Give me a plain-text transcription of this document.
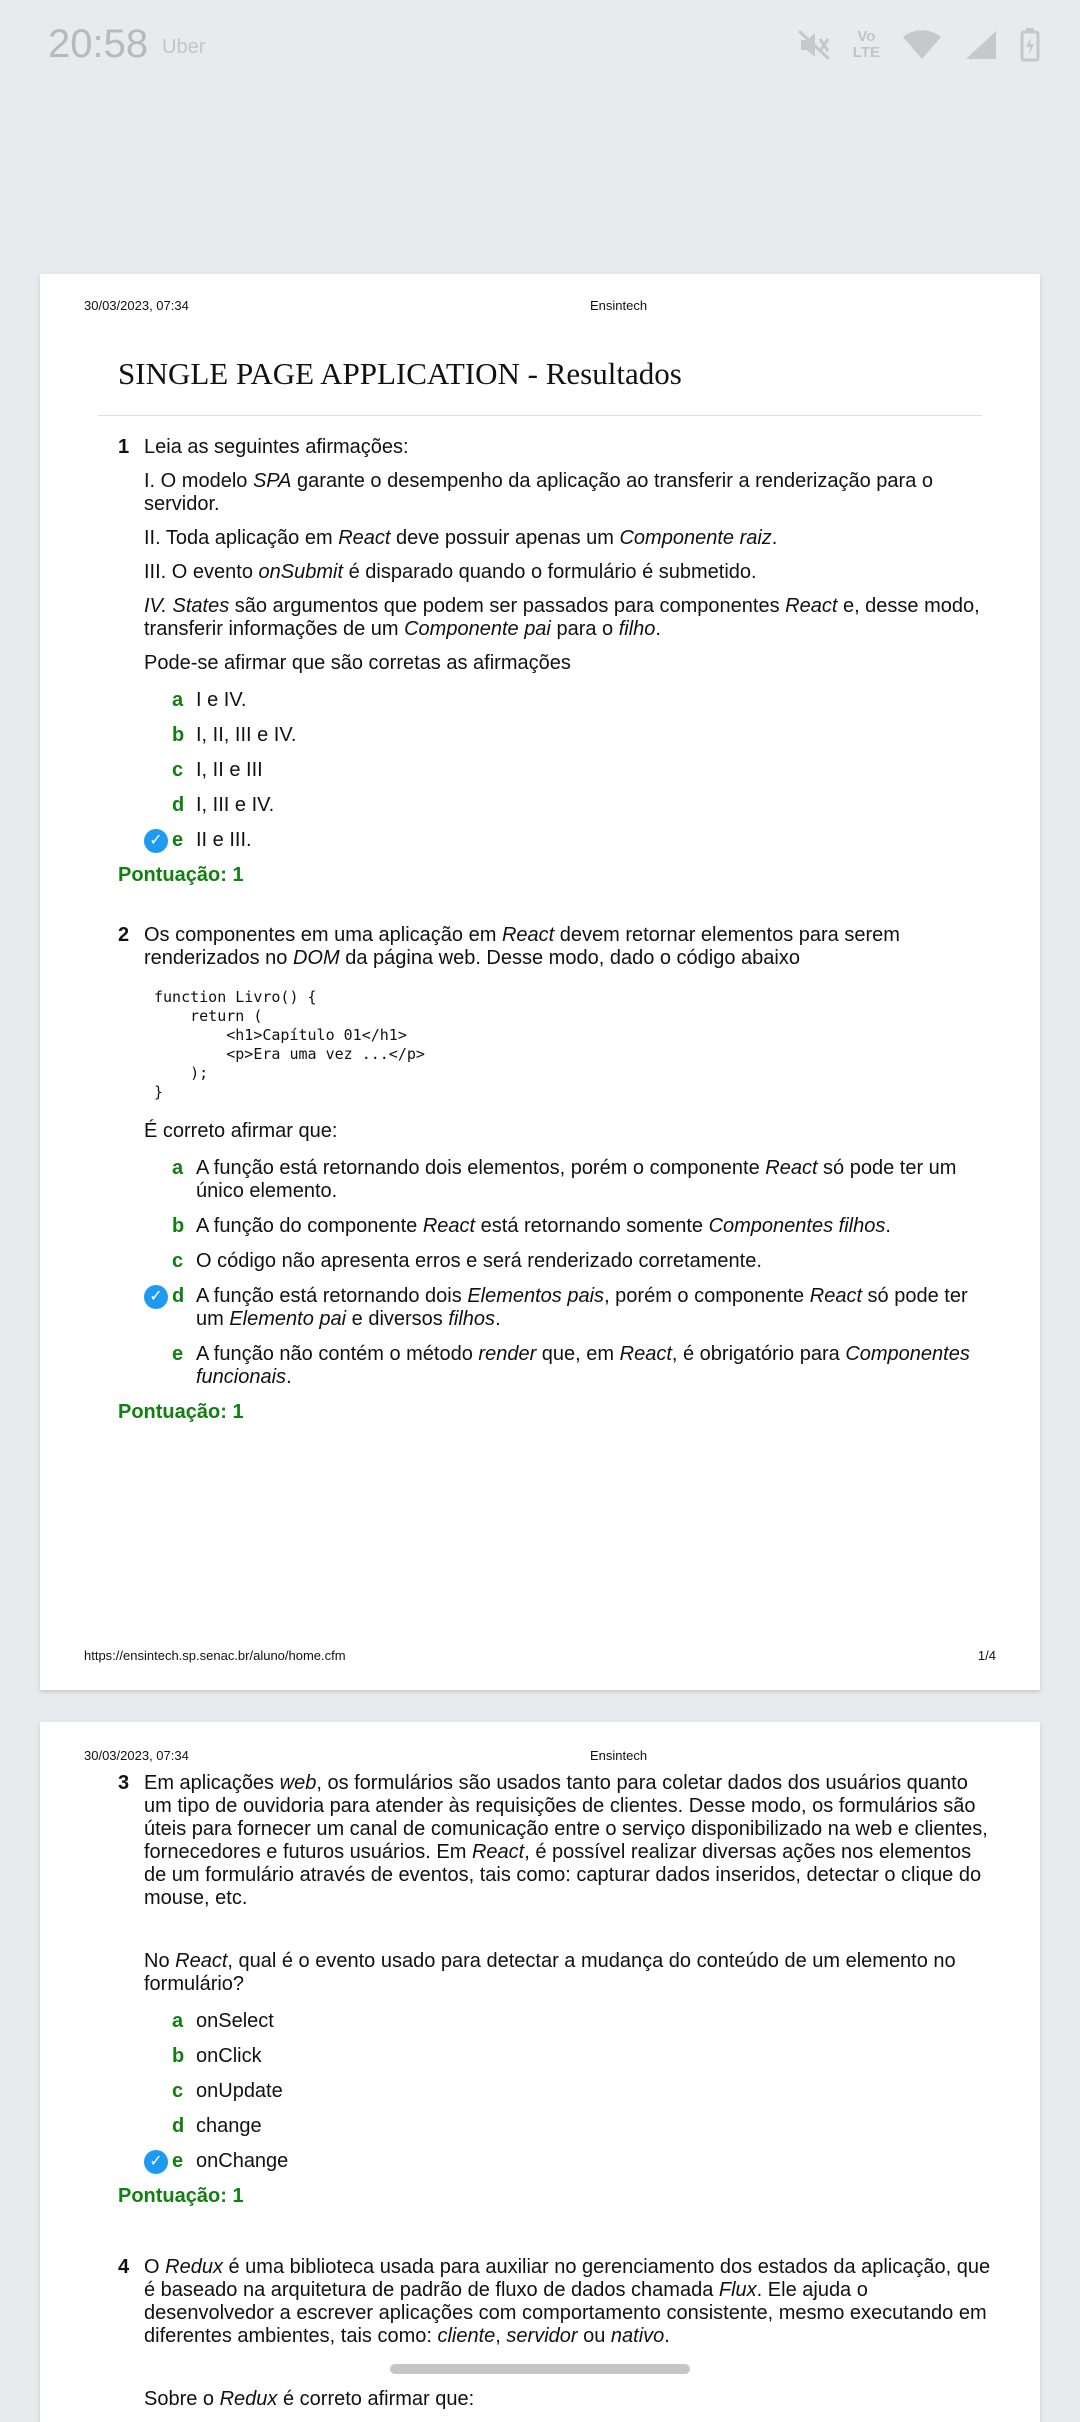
20:58 Uber	Vo
LTE
30/03/2023, 07:34	Ensintech
SINGLE PAGE APPLICATION - Resultados
1 Leia as seguintes afirmações:

I. O modelo SPA garante o desempenho da aplicação ao transferir a renderização para o servidor.

II. Toda aplicação em React deve possuir apenas um Componente raiz.

III. O evento onSubmit é disparado quando o formulário é submetido.

IV. States são argumentos que podem ser passados para componentes React e, desse modo, transferir informações de um Componente pai para o filho.

Pode-se afirmar que são corretas as afirmações

a I e IV.
b I, II, III e IV.
c I, II e III
d I, III e IV.
✓ e II e III.
Pontuação: 1
2 Os componentes em uma aplicação em React devem retornar elementos para serem renderizados no DOM da página web. Desse modo, dado o código abaixo

function Livro() {
return (
<h1>Capítulo 01</h1>
<p>Era uma vez ...</p>
);
}

É correto afirmar que:

a A função está retornando dois elementos, porém o componente React só pode ter um único elemento.
b A função do componente React está retornando somente Componentes filhos.
c O código não apresenta erros e será renderizado corretamente.
✓ d A função está retornando dois Elementos pais, porém o componente React só pode ter um Elemento pai e diversos filhos.
e A função não contém o método render que, em React, é obrigatório para Componentes funcionais.
Pontuação: 1
https://ensintech.sp.senac.br/aluno/home.cfm	1/4
30/03/2023, 07:34	Ensintech
3 Em aplicações web, os formulários são usados tanto para coletar dados dos usuários quanto um tipo de ouvidoria para atender às requisições de clientes. Desse modo, os formulários são úteis para fornecer um canal de comunicação entre o serviço disponibilizado na web e clientes, fornecedores e futuros usuários. Em React, é possível realizar diversas ações nos elementos de um formulário através de eventos, tais como: capturar dados inseridos, detectar o clique do mouse, etc.

No React, qual é o evento usado para detectar a mudança do conteúdo de um elemento no formulário?

a onSelect
b onClick
c onUpdate
d change
✓ e onChange
Pontuação: 1
4 O Redux é uma biblioteca usada para auxiliar no gerenciamento dos estados da aplicação, que é baseado na arquitetura de padrão de fluxo de dados chamada Flux. Ele ajuda o desenvolvedor a escrever aplicações com comportamento consistente, mesmo executando em diferentes ambientes, tais como: cliente, servidor ou nativo.

Sobre o Redux é correto afirmar que:
